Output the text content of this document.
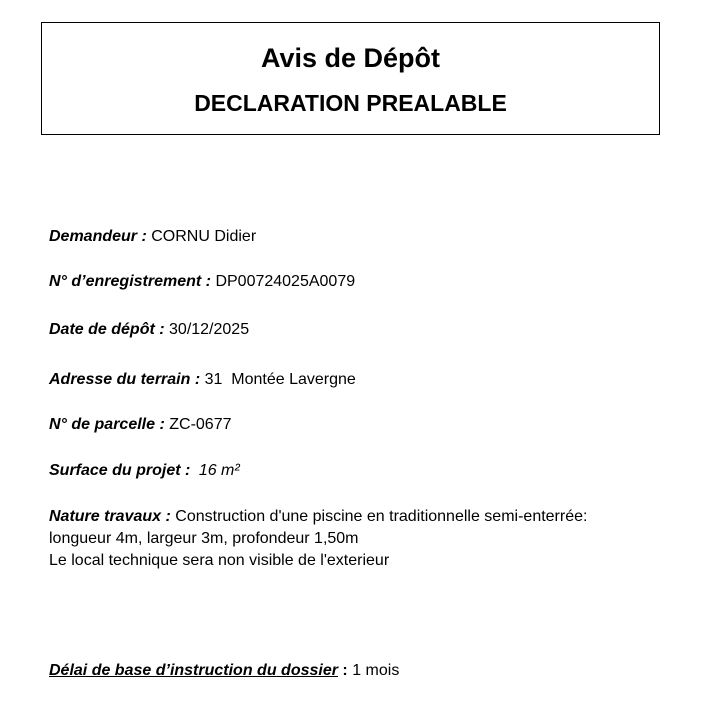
Avis de Dépôt
DECLARATION PREALABLE
Demandeur : CORNU Didier
N° d’enregistrement : DP00724025A0079
Date de dépôt : 30/12/2025
Adresse du terrain : 31  Montée Lavergne
N° de parcelle : ZC-0677
Surface du projet : 16 m²
Nature travaux : Construction d'une piscine en traditionnelle semi-enterrée:
longueur 4m, largeur 3m, profondeur 1,50m
Le local technique sera non visible de l'exterieur
Délai de base d’instruction du dossier : 1 mois
